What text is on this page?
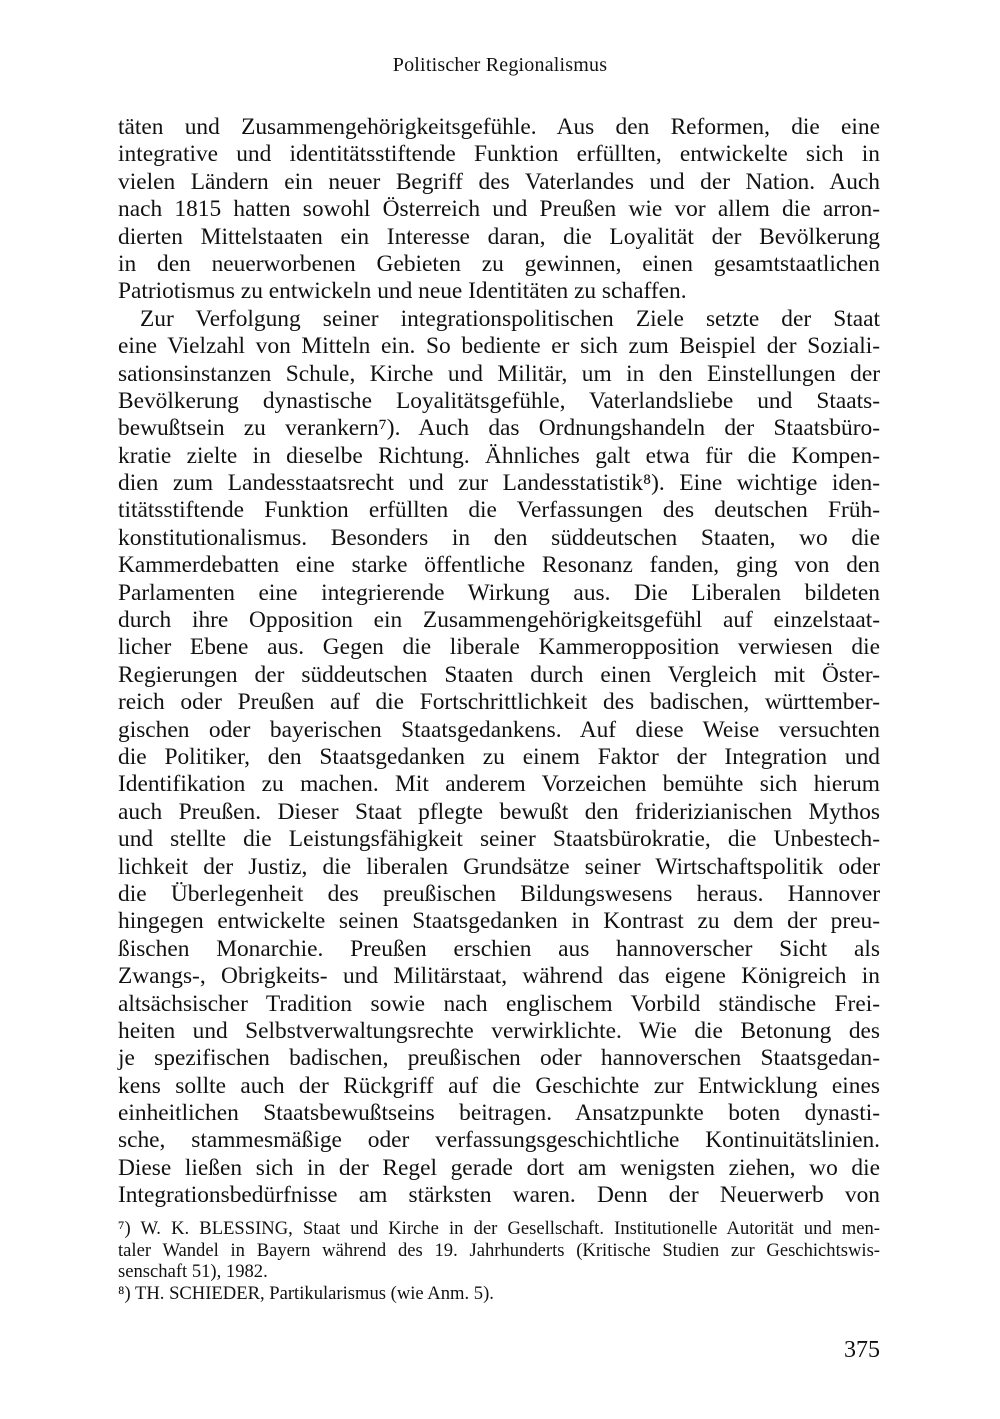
Politischer Regionalismus
täten und Zusammengehörigkeitsgefühle. Aus den Reformen, die eine
integrative und identitätsstiftende Funktion erfüllten, entwickelte sich in
vielen Ländern ein neuer Begriff des Vaterlandes und der Nation. Auch
nach 1815 hatten sowohl Österreich und Preußen wie vor allem die arron-
dierten Mittelstaaten ein Interesse daran, die Loyalität der Bevölkerung
in den neuerworbenen Gebieten zu gewinnen, einen gesamtstaatlichen
Patriotismus zu entwickeln und neue Identitäten zu schaffen.
Zur Verfolgung seiner integrationspolitischen Ziele setzte der Staat
eine Vielzahl von Mitteln ein. So bediente er sich zum Beispiel der Soziali-
sationsinstanzen Schule, Kirche und Militär, um in den Einstellungen der
Bevölkerung dynastische Loyalitätsgefühle, Vaterlandsliebe und Staats-
bewußtsein zu verankern⁷). Auch das Ordnungshandeln der Staatsbüro-
kratie zielte in dieselbe Richtung. Ähnliches galt etwa für die Kompen-
dien zum Landesstaatsrecht und zur Landesstatistik⁸). Eine wichtige iden-
titätsstiftende Funktion erfüllten die Verfassungen des deutschen Früh-
konstitutionalismus. Besonders in den süddeutschen Staaten, wo die
Kammerdebatten eine starke öffentliche Resonanz fanden, ging von den
Parlamenten eine integrierende Wirkung aus. Die Liberalen bildeten
durch ihre Opposition ein Zusammengehörigkeitsgefühl auf einzelstaat-
licher Ebene aus. Gegen die liberale Kammeropposition verwiesen die
Regierungen der süddeutschen Staaten durch einen Vergleich mit Öster-
reich oder Preußen auf die Fortschrittlichkeit des badischen, württember-
gischen oder bayerischen Staatsgedankens. Auf diese Weise versuchten
die Politiker, den Staatsgedanken zu einem Faktor der Integration und
Identifikation zu machen. Mit anderem Vorzeichen bemühte sich hierum
auch Preußen. Dieser Staat pflegte bewußt den friderizianischen Mythos
und stellte die Leistungsfähigkeit seiner Staatsbürokratie, die Unbestech-
lichkeit der Justiz, die liberalen Grundsätze seiner Wirtschaftspolitik oder
die Überlegenheit des preußischen Bildungswesens heraus. Hannover
hingegen entwickelte seinen Staatsgedanken in Kontrast zu dem der preu-
ßischen Monarchie. Preußen erschien aus hannoverscher Sicht als
Zwangs-, Obrigkeits- und Militärstaat, während das eigene Königreich in
altsächsischer Tradition sowie nach englischem Vorbild ständische Frei-
heiten und Selbstverwaltungsrechte verwirklichte. Wie die Betonung des
je spezifischen badischen, preußischen oder hannoverschen Staatsgedan-
kens sollte auch der Rückgriff auf die Geschichte zur Entwicklung eines
einheitlichen Staatsbewußtseins beitragen. Ansatzpunkte boten dynasti-
sche, stammesmäßige oder verfassungsgeschichtliche Kontinuitätslinien.
Diese ließen sich in der Regel gerade dort am wenigsten ziehen, wo die
Integrationsbedürfnisse am stärksten waren. Denn der Neuerwerb von
⁷) W. K. BLESSING, Staat und Kirche in der Gesellschaft. Institutionelle Autorität und men-
taler Wandel in Bayern während des 19. Jahrhunderts (Kritische Studien zur Geschichtswis-
senschaft 51), 1982.
⁸) TH. SCHIEDER, Partikularismus (wie Anm. 5).
375
